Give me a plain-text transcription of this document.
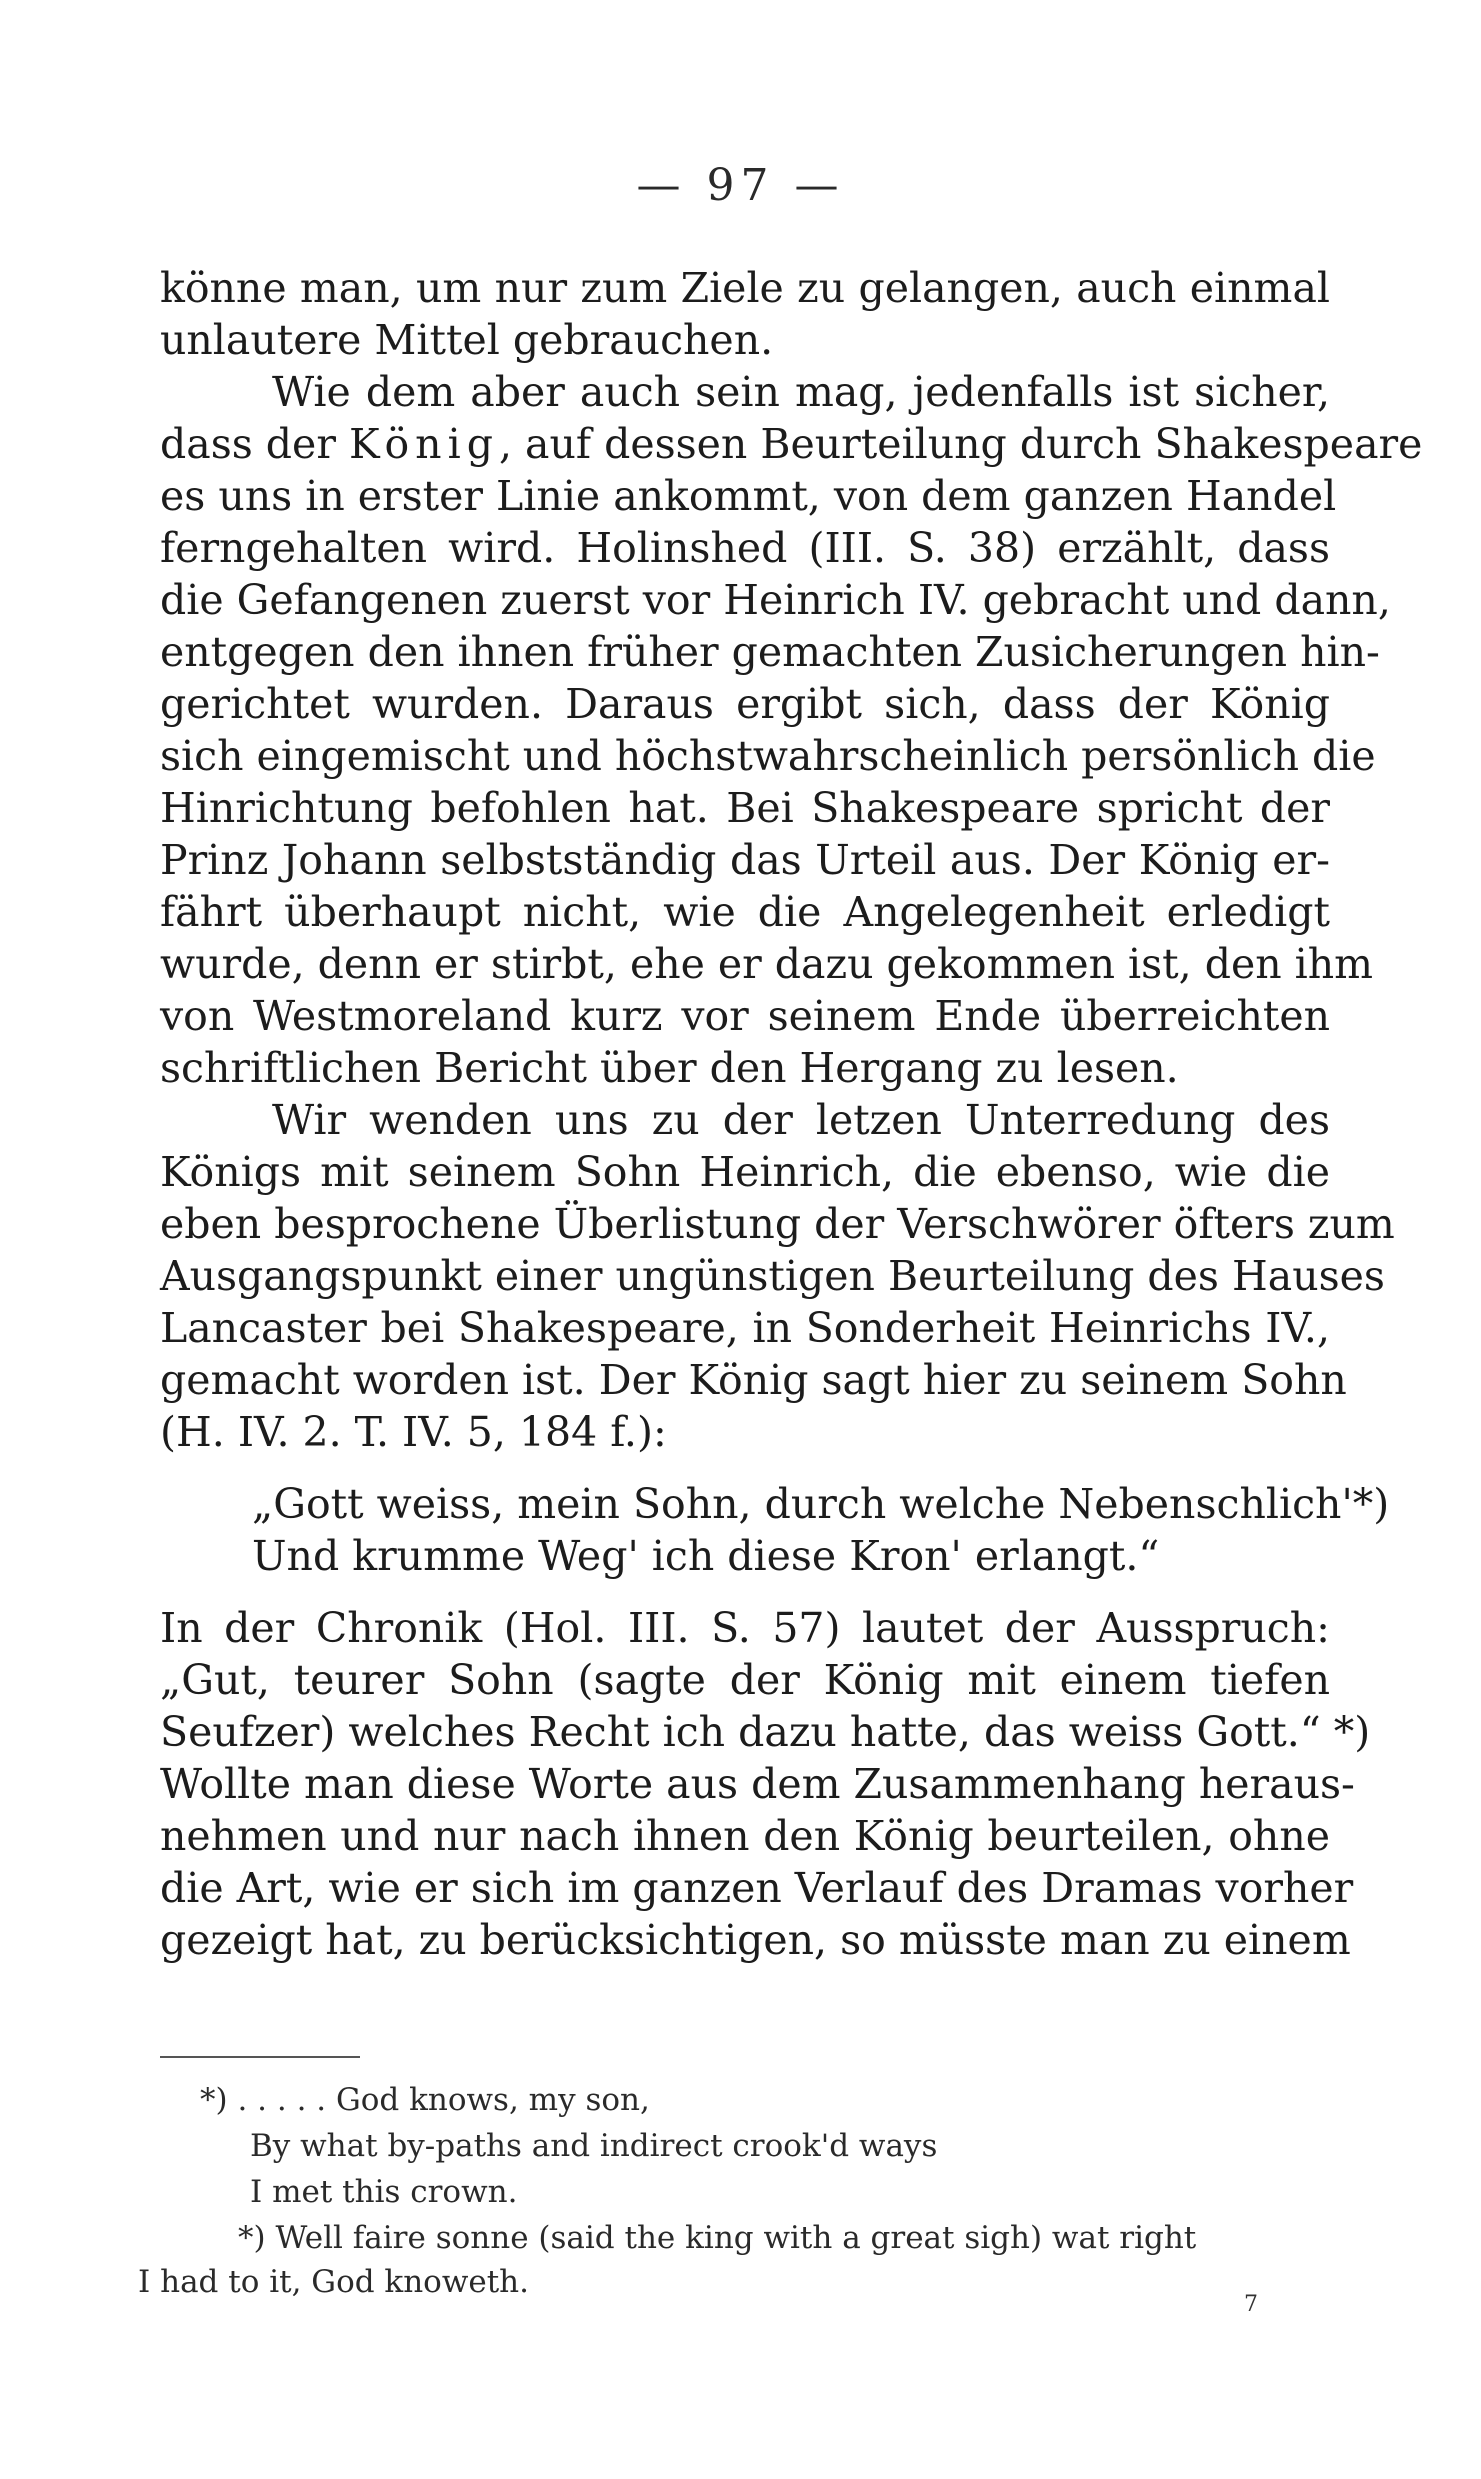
— 97 —
könne man, um nur zum Ziele zu gelangen, auch einmal
unlautere Mittel gebrauchen.
Wie dem aber auch sein mag, jedenfalls ist sicher,
dass der König, auf dessen Beurteilung durch Shakespeare
es uns in erster Linie ankommt, von dem ganzen Handel
ferngehalten wird. Holinshed (III. S. 38) erzählt, dass
die Gefangenen zuerst vor Heinrich IV. gebracht und dann,
entgegen den ihnen früher gemachten Zusicherungen hin-
gerichtet wurden. Daraus ergibt sich, dass der König
sich eingemischt und höchstwahrscheinlich persönlich die
Hinrichtung befohlen hat. Bei Shakespeare spricht der
Prinz Johann selbstständig das Urteil aus. Der König er-
fährt überhaupt nicht, wie die Angelegenheit erledigt
wurde, denn er stirbt, ehe er dazu gekommen ist, den ihm
von Westmoreland kurz vor seinem Ende überreichten
schriftlichen Bericht über den Hergang zu lesen.
Wir wenden uns zu der letzen Unterredung des
Königs mit seinem Sohn Heinrich, die ebenso, wie die
eben besprochene Überlistung der Verschwörer öfters zum
Ausgangspunkt einer ungünstigen Beurteilung des Hauses
Lancaster bei Shakespeare, in Sonderheit Heinrichs IV.,
gemacht worden ist. Der König sagt hier zu seinem Sohn
(H. IV. 2. T. IV. 5, 184 f.):
„Gott weiss, mein Sohn, durch welche Nebenschlich'*)
Und krumme Weg' ich diese Kron' erlangt.“
In der Chronik (Hol. III. S. 57) lautet der Ausspruch:
„Gut, teurer Sohn (sagte der König mit einem tiefen
Seufzer) welches Recht ich dazu hatte, das weiss Gott.“ *)
Wollte man diese Worte aus dem Zusammenhang heraus-
nehmen und nur nach ihnen den König beurteilen, ohne
die Art, wie er sich im ganzen Verlauf des Dramas vorher
gezeigt hat, zu berücksichtigen, so müsste man zu einem
*) . . . . . God knows, my son,
By what by-paths and indirect crook'd ways
I met this crown.
*) Well faire sonne (said the king with a great sigh) wat right
I had to it, God knoweth.
7
